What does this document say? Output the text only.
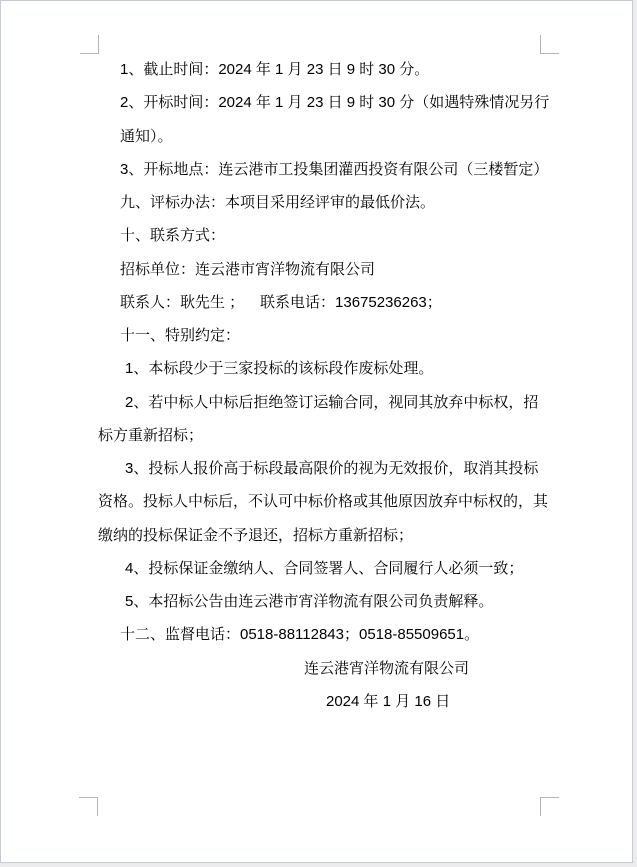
1、截止时间：2024 年 1 月 23 日 9 时 30 分。
2、开标时间：2024 年 1 月 23 日 9 时 30 分（如遇特殊情况另行
通知）。
3、开标地点：连云港市工投集团灌西投资有限公司（三楼暂定）
九、评标办法：本项目采用经评审的最低价法。
十、联系方式：
招标单位：连云港市宵洋物流有限公司
联系人：耿先生 ；　  联系电话：13675236263；
十一、特别约定：
1、本标段少于三家投标的该标段作废标处理。
2、若中标人中标后拒绝签订运输合同，视同其放弃中标权，招
标方重新招标；
3、投标人报价高于标段最高限价的视为无效报价，取消其投标
资格。投标人中标后，不认可中标价格或其他原因放弃中标权的，其
缴纳的投标保证金不予退还，招标方重新招标；
4、投标保证金缴纳人、合同签署人、合同履行人必须一致；
5、本招标公告由连云港市宵洋物流有限公司负责解释。
十二、监督电话：0518-88112843；0518-85509651。
连云港宵洋物流有限公司
2024 年 1 月 16 日
